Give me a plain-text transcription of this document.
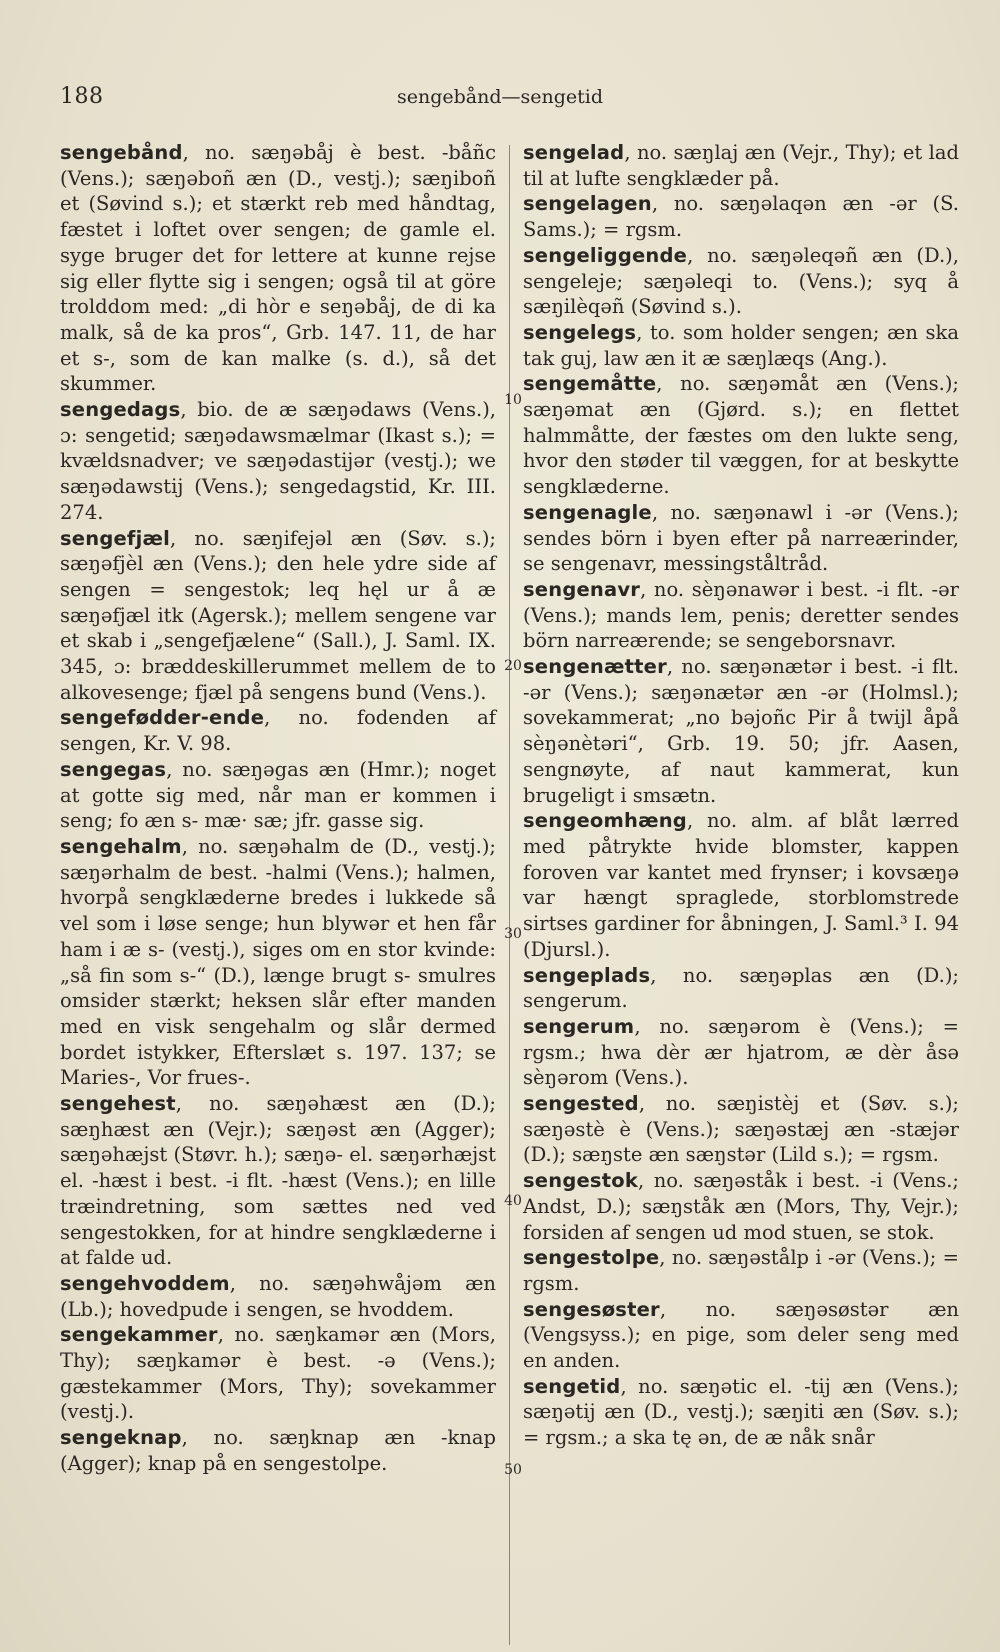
188	sengebånd—sengetid
10
20
30
40
50
sengebånd, no. sæŋəbåj è best. -båñc (Vens.); sæŋəboñ æn (D., vestj.); sæŋiboñ et (Søvind s.); et stærkt reb med håndtag, fæstet i loftet over sengen; de gamle el. syge bruger det for lettere at kunne rejse sig eller flytte sig i sengen; også til at göre trolddom med: „di hòr e seŋəbåj, de di ka malk, så de ka pros“, Grb. 147. 11, de har et s-, som de kan malke (s. d.), så det skummer.
sengedags, bio. de æ sæŋədaws (Vens.), ɔ: sengetid; sæŋədawsmælmar (Ikast s.); = kvældsnadver; ve sæŋədastijər (vestj.); we sæŋədawstij (Vens.); sengedagstid, Kr. III. 274.
sengefjæl, no. sæŋifejəl æn (Søv. s.); sæŋəfjèl æn (Vens.); den hele ydre side af sengen = sengestok; leq hęl ur å æ sæŋəfjæl itk (Agersk.); mellem sengene var et skab i „sengefjælene“ (Sall.), J. Saml. IX. 345, ɔ: bræddeskillerummet mellem de to alkovesenge; fjæl på sengens bund (Vens.).
sengefødder-ende, no. fodenden af sengen, Kr. V. 98.
sengegas, no. sæŋəgas æn (Hmr.); noget at gotte sig med, når man er kommen i seng; fo æn s- mæ· sæ; jfr. gasse sig.
sengehalm, no. sæŋəhalm de (D., vestj.); sæŋərhalm de best. -halmi (Vens.); halmen, hvorpå sengklæderne bredes i lukkede så vel som i løse senge; hun blywər et hen får ham i æ s- (vestj.), siges om en stor kvinde: „så fin som s-“ (D.), længe brugt s- smulres omsider stærkt; heksen slår efter manden med en visk sengehalm og slår dermed bordet istykker, Efterslæt s. 197. 137; se Maries-, Vor frues-.
sengehest, no. sæŋəhæst æn (D.); sæŋhæst æn (Vejr.); sæŋəst æn (Agger); sæŋəhæjst (Støvr. h.); sæŋə- el. sæŋərhæjst el. -hæst i best. -i flt. -hæst (Vens.); en lille træindretning, som sættes ned ved sengestokken, for at hindre sengklæderne i at falde ud.
sengehvoddem, no. sæŋəhwåjəm æn (Lb.); hovedpude i sengen, se hvoddem.
sengekammer, no. sæŋkamər æn (Mors, Thy); sæŋkamər è best. -ə (Vens.); gæstekammer (Mors, Thy); sovekammer (vestj.).
sengeknap, no. sæŋknap æn -knap (Agger); knap på en sengestolpe.
sengelad, no. sæŋlaj æn (Vejr., Thy); et lad til at lufte sengklæder på.
sengelagen, no. sæŋəlaqən æn -ər (S. Sams.); = rgsm.
sengeliggende, no. sæŋəleqəñ æn (D.), sengeleje; sæŋəleqi to. (Vens.); syq å sæŋilèqəñ (Søvind s.).
sengelegs, to. som holder sengen; æn ska tak guj, law æn it æ sæŋlæqs (Ang.).
sengemåtte, no. sæŋəmåt æn (Vens.); sæŋəmat æn (Gjørd. s.); en flettet halmmåtte, der fæstes om den lukte seng, hvor den støder til væggen, for at beskytte sengklæderne.
sengenagle, no. sæŋənawl i -ər (Vens.); sendes börn i byen efter på narreærinder, se sengenavr, messingståltråd.
sengenavr, no. sèŋənawər i best. -i flt. -ər (Vens.); mands lem, penis; deretter sendes börn narreærende; se sengeborsnavr.
sengenætter, no. sæŋənætər i best. -i flt. -ər (Vens.); sæŋənætər æn -ər (Holmsl.); sovekammerat; „no bəjoñc Pir å twijl åpå sèŋənètəri“, Grb. 19. 50; jfr. Aasen, sengnøyte, af naut kammerat, kun brugeligt i smsætn.
sengeomhæng, no. alm. af blåt lærred med påtrykte hvide blomster, kappen foroven var kantet med frynser; i kovsæŋə var hængt spraglede, storblomstrede sirtses gardiner for åbningen, J. Saml.³ I. 94 (Djursl.).
sengeplads, no. sæŋəplas æn (D.); sengerum.
sengerum, no. sæŋərom è (Vens.); = rgsm.; hwa dèr ær hjatrom, æ dèr åsə sèŋərom (Vens.).
sengested, no. sæŋistèj et (Søv. s.); sæŋəstè è (Vens.); sæŋəstæj æn -stæjər (D.); sæŋste æn sæŋstər (Lild s.); = rgsm.
sengestok, no. sæŋəståk i best. -i (Vens.; Andst, D.); sæŋståk æn (Mors, Thy, Vejr.); forsiden af sengen ud mod stuen, se stok.
sengestolpe, no. sæŋəstålp i -ər (Vens.); = rgsm.
sengesøster, no. sæŋəsøstər æn (Vengsyss.); en pige, som deler seng med en anden.
sengetid, no. sæŋətic el. -tij æn (Vens.); sæŋətij æn (D., vestj.); sæŋiti æn (Søv. s.); = rgsm.; a ska tę ən, de æ nåk snår
